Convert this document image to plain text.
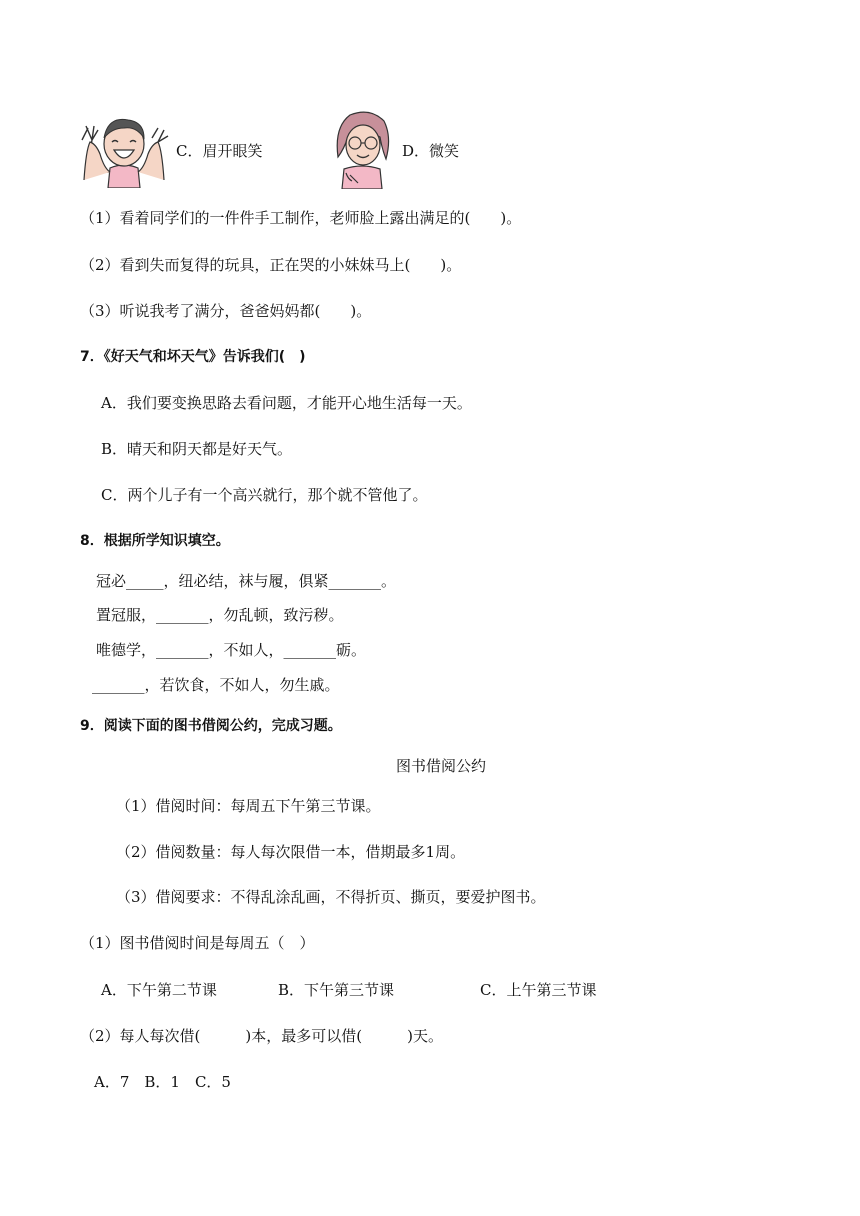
C．眉开眼笑	D．微笑
（1）看着同学们的一件件手工制作，老师脸上露出满足的(　　)。
（2）看到失而复得的玩具，正在哭的小妹妹马上(　　)。
（3）听说我考了满分，爸爸妈妈都(　　)。
7．《好天气和坏天气》告诉我们(　)
A．我们要变换思路去看问题，才能开心地生活每一天。
B．晴天和阴天都是好天气。
C．两个儿子有一个高兴就行，那个就不管他了。
8．根据所学知识填空。
冠必_____，纽必结，袜与履，俱紧_______。
置冠服，_______，勿乱顿，致污秽。
唯德学，_______，不如人，_______砺。
_______，若饮食，不如人，勿生戚。
9．阅读下面的图书借阅公约，完成习题。
图书借阅公约
（1）借阅时间：每周五下午第三节课。
（2）借阅数量：每人每次限借一本，借期最多1周。
（3）借阅要求：不得乱涂乱画，不得折页、撕页，要爱护图书。
（1）图书借阅时间是每周五（　）
A．下午第二节课	B．下午第三节课	C．上午第三节课
（2）每人每次借(　　　)本，最多可以借(　　　)天。
A．7　B．1　C．5
